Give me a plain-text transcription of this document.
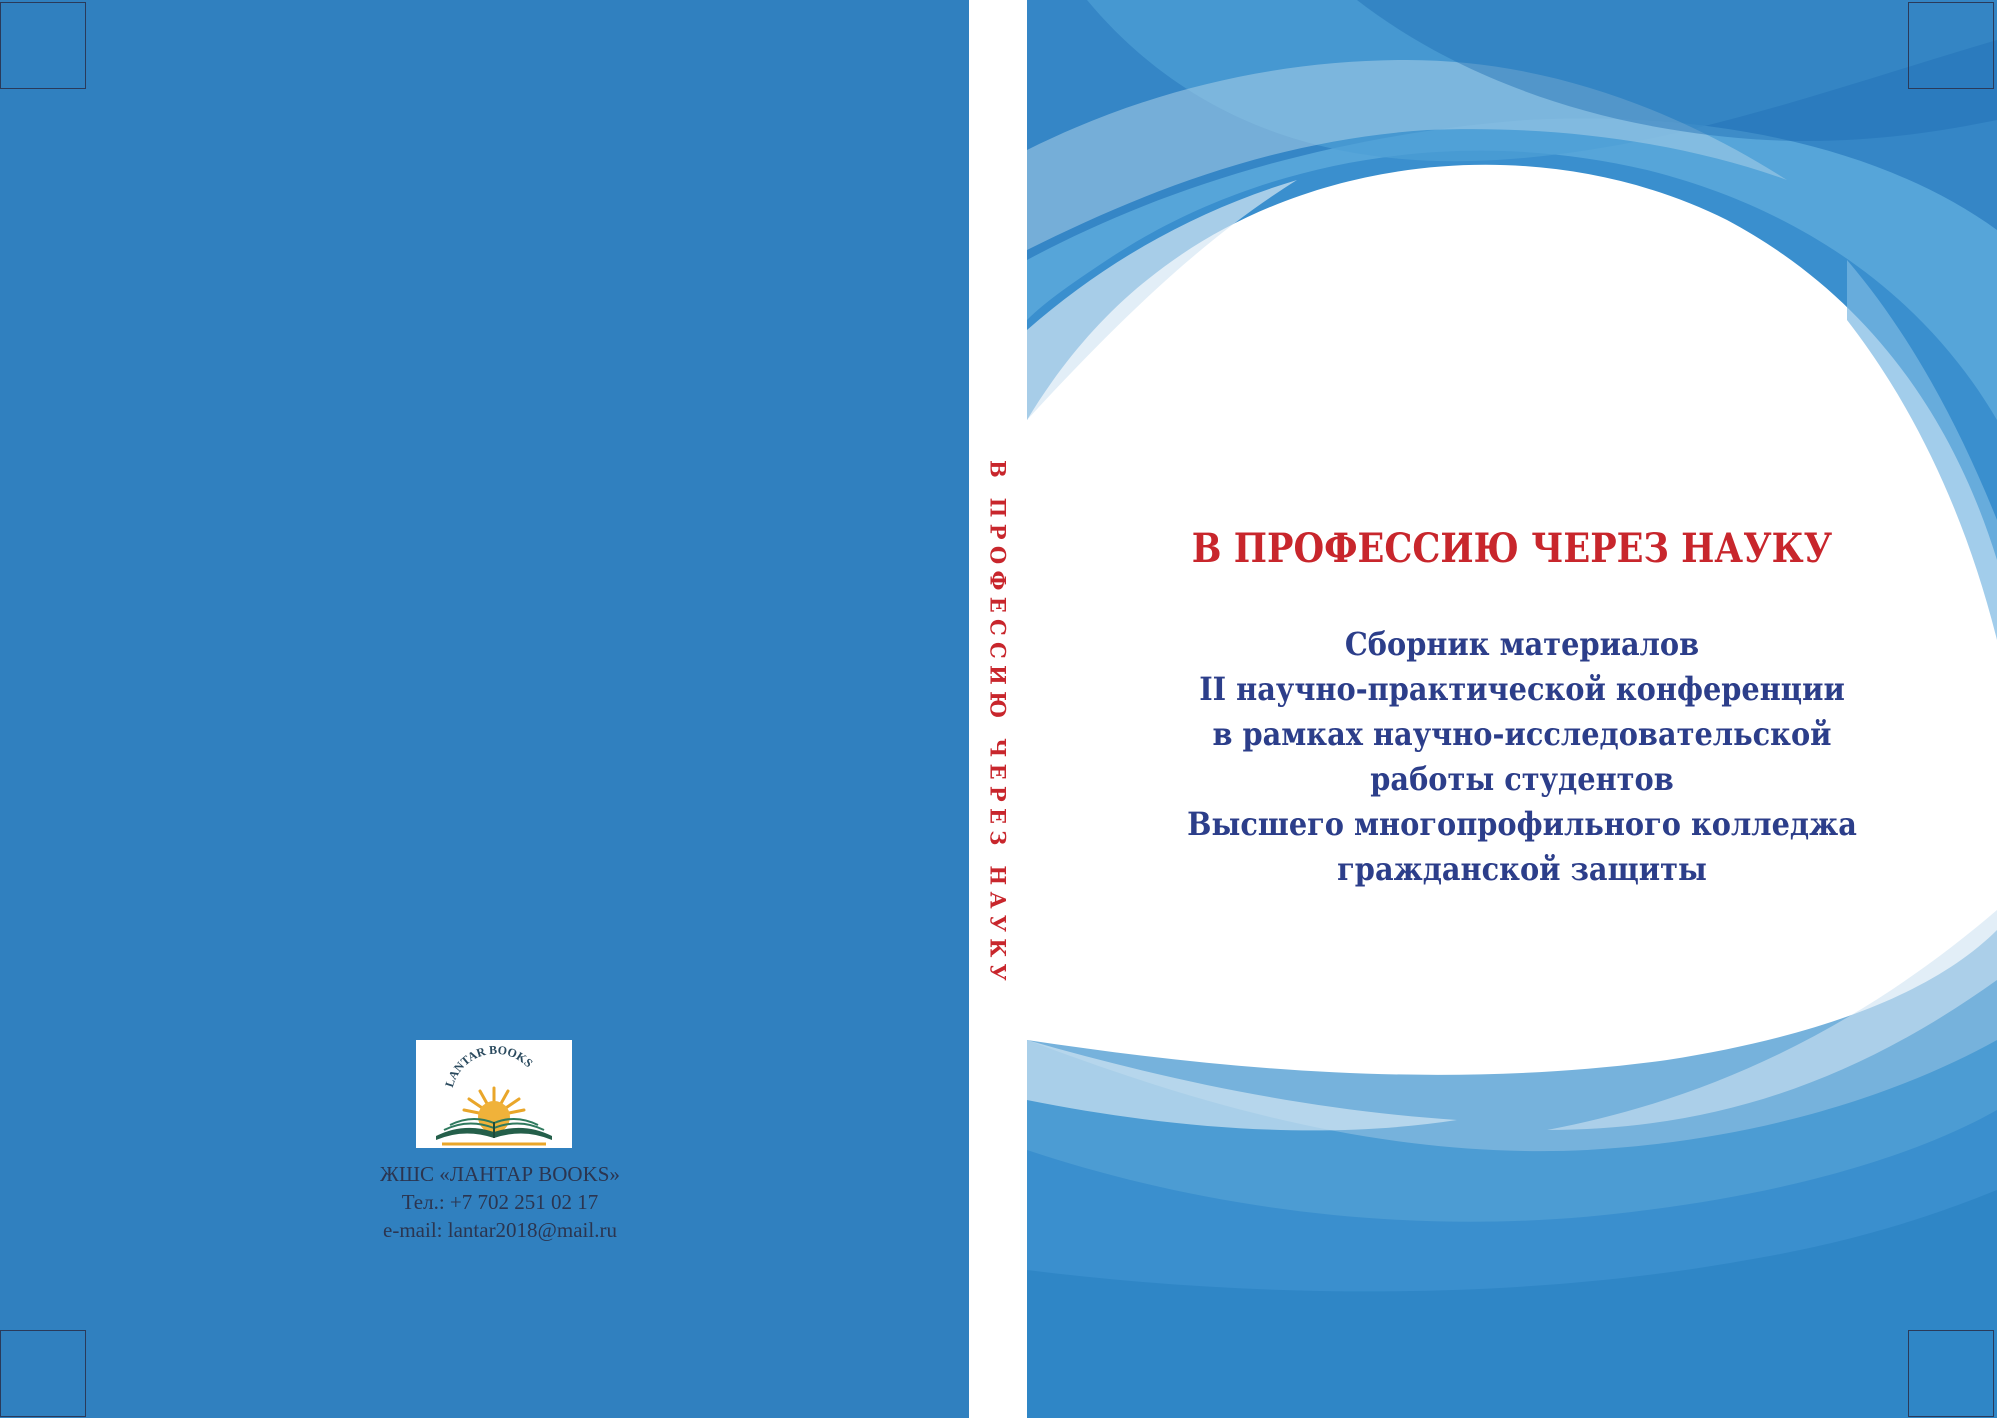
LANTAR BOOKS
ЖШС «ЛАНТАР BOOKS»
Тел.: +7 702 251 02 17
e-mail: lantar2018@mail.ru
В ПРОФЕССИЮ ЧЕРЕЗ НАУКУ	В ПРОФЕССИЮ ЧЕРЕЗ НАУКУ
Сборник материалов
II научно-практической конференции
в рамках научно-исследовательской
работы студентов
Высшего многопрофильного колледжа
гражданской защиты
